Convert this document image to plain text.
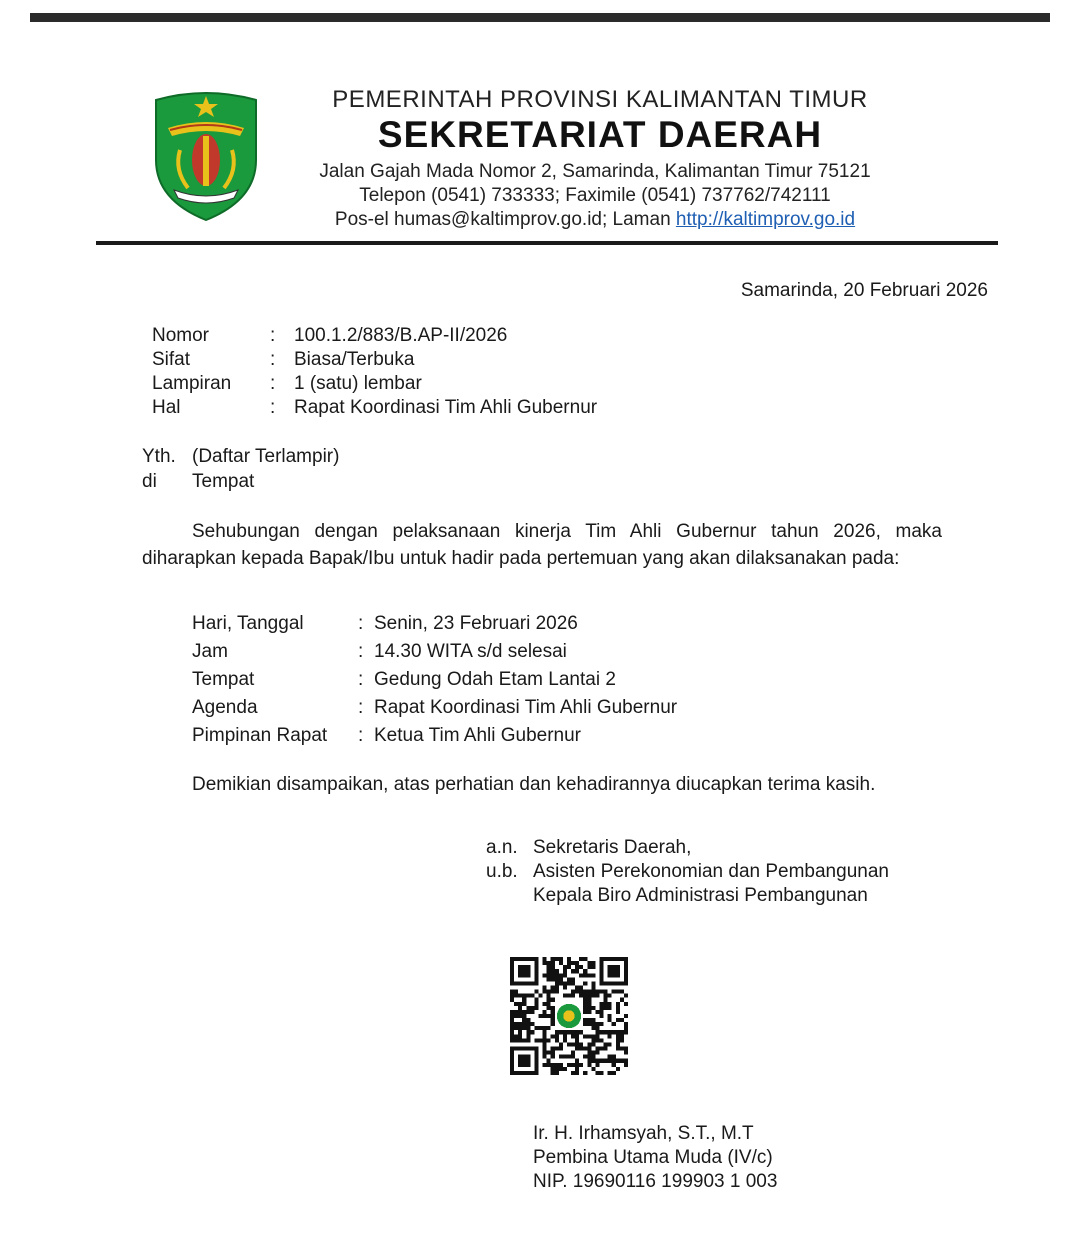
PEMERINTAH PROVINSI KALIMANTAN TIMUR
SEKRETARIAT DAERAH
Jalan Gajah Mada Nomor 2, Samarinda, Kalimantan Timur 75121
Telepon (0541) 733333; Faximile (0541) 737762/742111
Pos-el humas@kaltimprov.go.id; Laman http://kaltimprov.go.id
Samarinda, 20 Februari 2026
Nomor	: 100.1.2/883/B.AP-II/2026
Sifat	: Biasa/Terbuka
Lampiran	: 1 (satu) lembar
Hal	: Rapat Koordinasi Tim Ahli Gubernur
Yth. (Daftar Terlampir)
di	Tempat
Sehubungan dengan pelaksanaan kinerja Tim Ahli Gubernur tahun 2026, maka diharapkan kepada Bapak/Ibu untuk hadir pada pertemuan yang akan dilaksanakan pada:
Hari, Tanggal	: Senin, 23 Februari 2026
Jam	: 14.30 WITA s/d selesai
Tempat	: Gedung Odah Etam Lantai 2
Agenda	: Rapat Koordinasi Tim Ahli Gubernur
Pimpinan Rapat	: Ketua Tim Ahli Gubernur
Demikian disampaikan, atas perhatian dan kehadirannya diucapkan terima kasih.
a.n. Sekretaris Daerah,
u.b. Asisten Perekonomian dan Pembangunan
Kepala Biro Administrasi Pembangunan
Ir. H. Irhamsyah, S.T., M.T
Pembina Utama Muda (IV/c)
NIP. 19690116 199903 1 003
